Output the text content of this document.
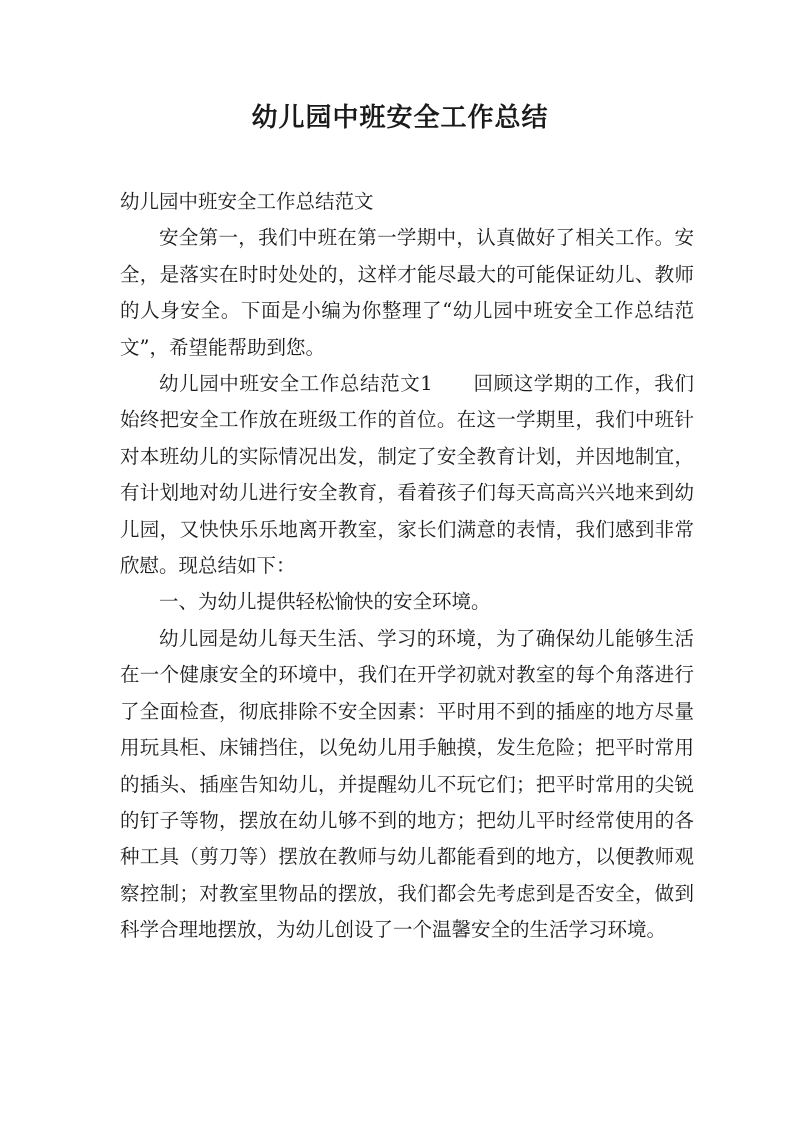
幼儿园中班安全工作总结

幼儿园中班安全工作总结范文

安全第一，我们中班在第一学期中，认真做好了相关工作。安全，是落实在时时处处的，这样才能尽最大的可能保证幼儿、教师的人身安全。下面是小编为你整理了“幼儿园中班安全工作总结范文”，希望能帮助到您。

幼儿园中班安全工作总结范文1　　回顾这学期的工作，我们始终把安全工作放在班级工作的首位。在这一学期里，我们中班针对本班幼儿的实际情况出发，制定了安全教育计划，并因地制宜，有计划地对幼儿进行安全教育，看着孩子们每天高高兴兴地来到幼儿园，又快快乐乐地离开教室，家长们满意的表情，我们感到非常欣慰。现总结如下：

一、为幼儿提供轻松愉快的安全环境。

幼儿园是幼儿每天生活、学习的环境，为了确保幼儿能够生活在一个健康安全的环境中，我们在开学初就对教室的每个角落进行了全面检查，彻底排除不安全因素：平时用不到的插座的地方尽量用玩具柜、床铺挡住，以免幼儿用手触摸，发生危险；把平时常用的插头、插座告知幼儿，并提醒幼儿不玩它们；把平时常用的尖锐的钉子等物，摆放在幼儿够不到的地方；把幼儿平时经常使用的各种工具（剪刀等）摆放在教师与幼儿都能看到的地方，以便教师观察控制；对教室里物品的摆放，我们都会先考虑到是否安全，做到科学合理地摆放，为幼儿创设了一个温馨安全的生活学习环境。
